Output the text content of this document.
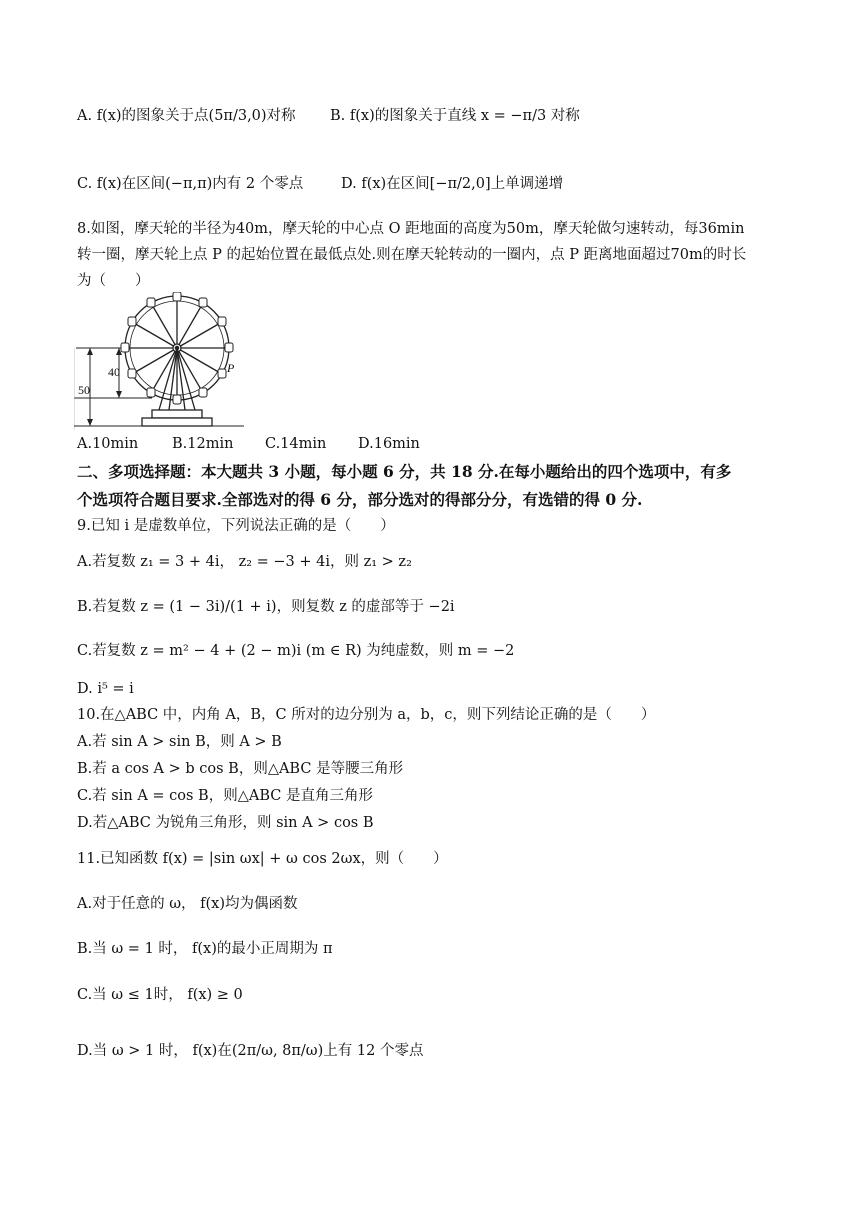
A. f(x)的图象关于点(5π/3,0)对称 B. f(x)的图象关于直线 x = −π/3 对称
C. f(x)在区间(−π,π)内有 2 个零点	D. f(x)在区间[−π/2,0]上单调递增
8.如图，摩天轮的半径为40m，摩天轮的中心点 O 距地面的高度为50m，摩天轮做匀速转动，每36min
转一圈，摩天轮上点 P 的起始位置在最低点处.则在摩天轮转动的一圈内，点 P 距离地面超过70m的时长
为（　　）
40
50
P
A.10min B.12min C.14min D.16min
二、多项选择题：本大题共 3 小题，每小题 6 分，共 18 分.在每小题给出的四个选项中，有多
个选项符合题目要求.全部选对的得 6 分，部分选对的得部分分，有选错的得 0 分.
9.已知 i 是虚数单位，下列说法正确的是（　　）
A.若复数 z₁ = 3 + 4i， z₂ = −3 + 4i，则 z₁ > z₂
B.若复数 z = (1 − 3i)/(1 + i)，则复数 z 的虚部等于 −2i
C.若复数 z = m² − 4 + (2 − m)i (m ∈ R) 为纯虚数，则 m = −2
D. i⁵ = i
10.在△ABC 中，内角 A，B，C 所对的边分别为 a，b，c，则下列结论正确的是（　　）
A.若 sin A > sin B，则 A > B
B.若 a cos A > b cos B，则△ABC 是等腰三角形
C.若 sin A = cos B，则△ABC 是直角三角形
D.若△ABC 为锐角三角形，则 sin A > cos B
11.已知函数 f(x) = |sin ωx| + ω cos 2ωx，则（　　）
A.对于任意的 ω， f(x)均为偶函数
B.当 ω = 1 时， f(x)的最小正周期为 π
C.当 ω ≤ 1时， f(x) ≥ 0
D.当 ω > 1 时， f(x)在(2π/ω, 8π/ω)上有 12 个零点
